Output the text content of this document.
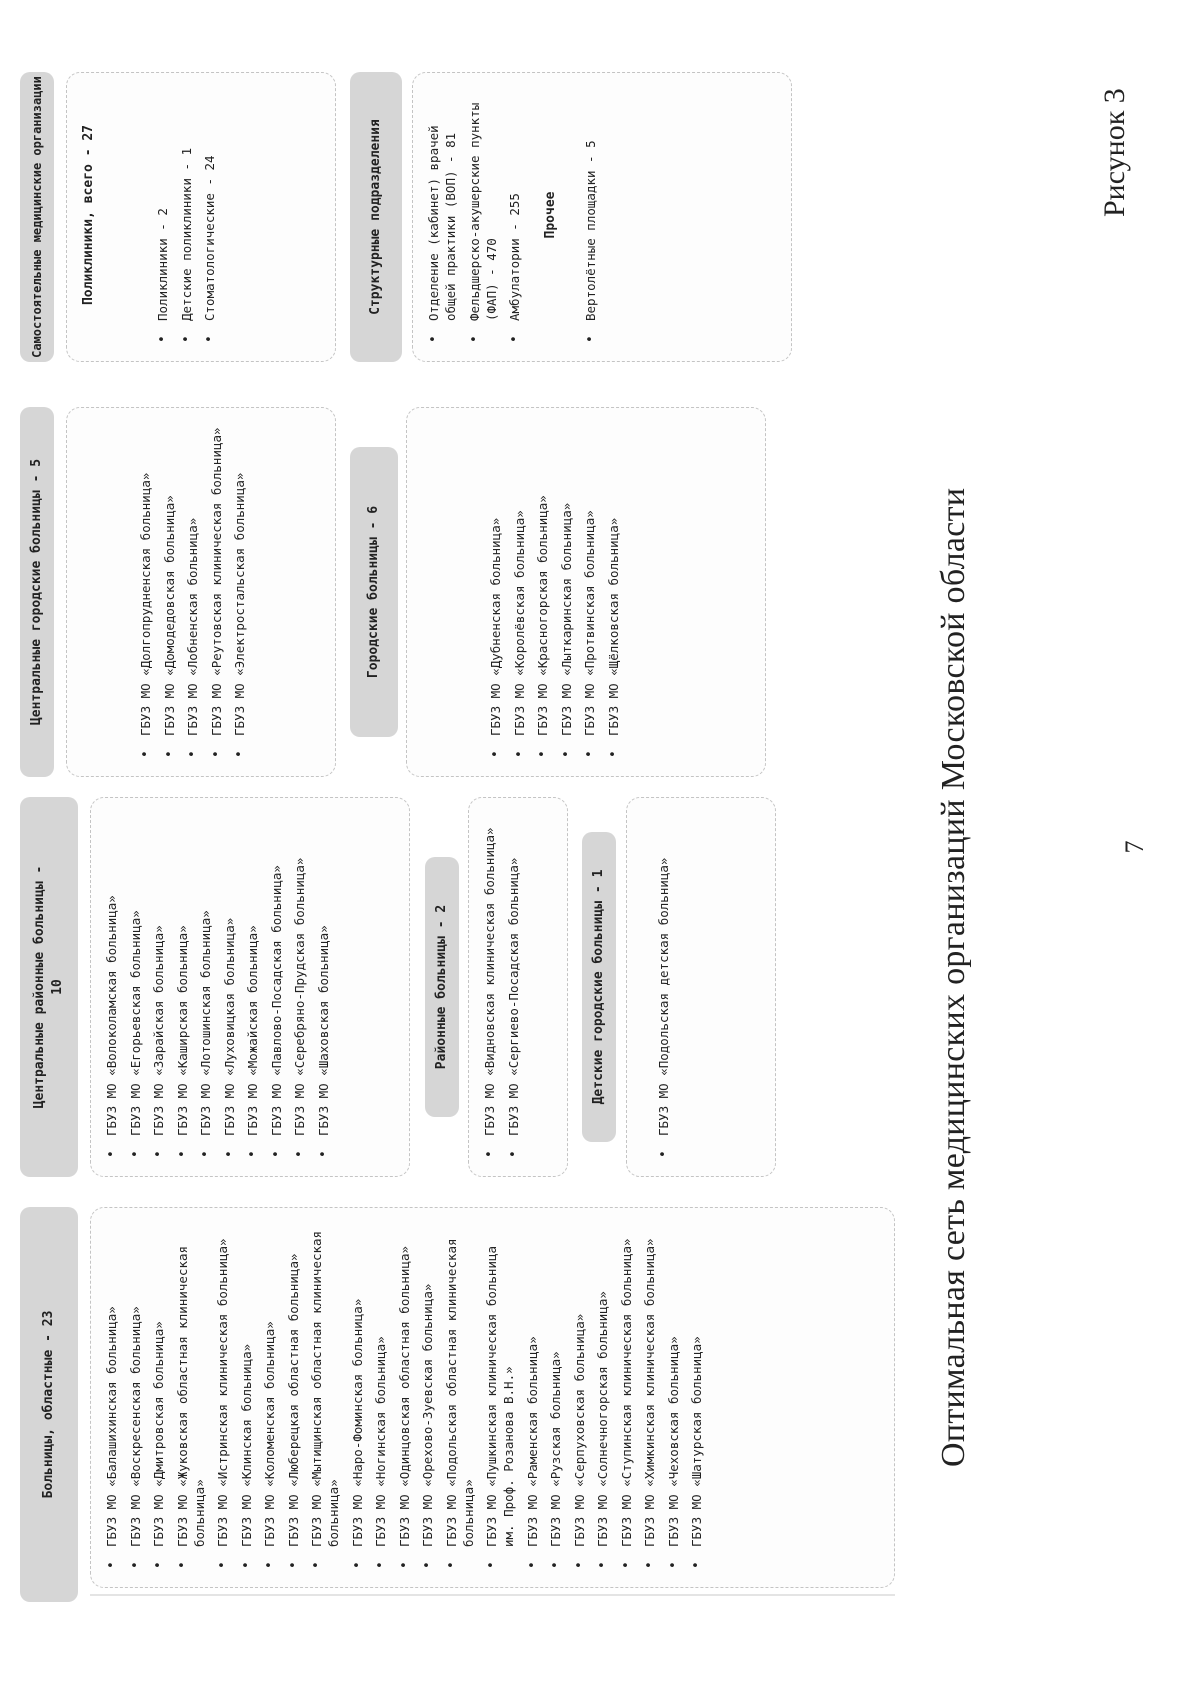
7
Рисунок 3
Оптимальная сеть медицинских организаций Московской области
Больницы, областные - 23	• ГБУЗ МО «Балашихинская больница» • ГБУЗ МО «Воскресенская больница» • ГБУЗ МО «Дмитровская больница» • ГБУЗ МО «Жуковская областная клиническая больница» • ГБУЗ МО «Истринская клиническая больница» • ГБУЗ МО «Клинская больница» • ГБУЗ МО «Коломенская больница» • ГБУЗ МО «Люберецкая областная больница» • ГБУЗ МО «Мытищинская областная клиническая больница» • ГБУЗ МО «Наро-Фоминская больница» • ГБУЗ МО «Ногинская больница» • ГБУЗ МО «Одинцовская областная больница» • ГБУЗ МО «Орехово-Зуевская больница» • ГБУЗ МО «Подольская областная клиническая больница» • ГБУЗ МО «Пушкинская клиническая больница им. Проф. Розанова В.Н.» • ГБУЗ МО «Раменская больница» • ГБУЗ МО «Рузская больница» • ГБУЗ МО «Серпуховская больница» • ГБУЗ МО «Солнечногорская больница» • ГБУЗ МО «Ступинская клиническая больница» • ГБУЗ МО «Химкинская клиническая больница» • ГБУЗ МО «Чеховская больница» • ГБУЗ МО «Шатурская больница»
Центральные районные больницы - 10	• ГБУЗ МО «Волоколамская больница» • ГБУЗ МО «Егорьевская больница» • ГБУЗ МО «Зарайская больница» • ГБУЗ МО «Каширская больница» • ГБУЗ МО «Лотошинская больница» • ГБУЗ МО «Луховицкая больница» • ГБУЗ МО «Можайская больница» • ГБУЗ МО «Павлово-Посадская больница» • ГБУЗ МО «Серебряно-Прудская больница» • ГБУЗ МО «Шаховская больница»	Районные больницы - 2	• ГБУЗ МО «Видновская клиническая больница» • ГБУЗ МО «Сергиево-Посадская больница»	Детские городские больницы - 1	• ГБУЗ МО «Подольская детская больница»
Центральные городские больницы - 5	• ГБУЗ МО «Долгопрудненская больница» • ГБУЗ МО «Домодедовская больница» • ГБУЗ МО «Лобненская больница» • ГБУЗ МО «Реутовская клиническая больница» • ГБУЗ МО «Электростальская больница»	Городские больницы - 6	• ГБУЗ МО «Дубненская больница» • ГБУЗ МО «Королёвская больница» • ГБУЗ МО «Красногорская больница» • ГБУЗ МО «Лыткаринская больница» • ГБУЗ МО «Протвинская больница» • ГБУЗ МО «Щёлковская больница»
Самостоятельные медицинские организации	Поликлиники, всего - 27	• Поликлиники - 2 • Детские поликлиники - 1 • Стоматологические - 24	Структурные подразделения	• Отделение (кабинет) врачей общей практики (ВОП) - 81 • Фельдшерско-акушерские пункты (ФАП) - 470 • Амбулатории - 255 Прочее • Вертолётные площадки - 5
